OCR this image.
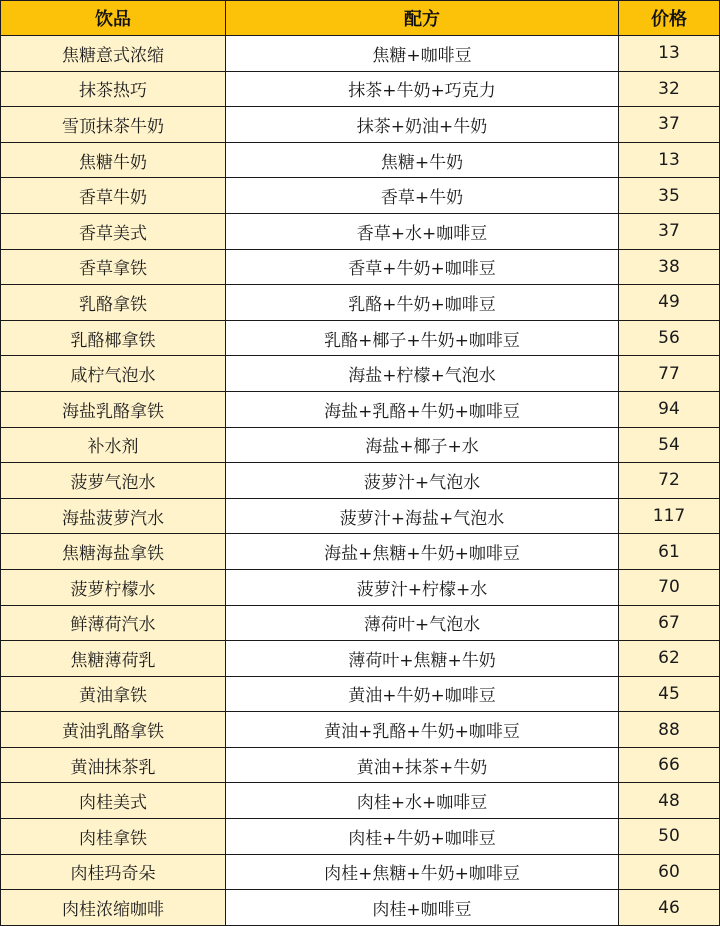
饮品	配方	价格
焦糖意式浓缩	焦糖+咖啡豆	13
抹茶热巧	抹茶+牛奶+巧克力	32
雪顶抹茶牛奶	抹茶+奶油+牛奶	37
焦糖牛奶	焦糖+牛奶	13
香草牛奶	香草+牛奶	35
香草美式	香草+水+咖啡豆	37
香草拿铁	香草+牛奶+咖啡豆	38
乳酪拿铁	乳酪+牛奶+咖啡豆	49
乳酪椰拿铁	乳酪+椰子+牛奶+咖啡豆	56
咸柠气泡水	海盐+柠檬+气泡水	77
海盐乳酪拿铁	海盐+乳酪+牛奶+咖啡豆	94
补水剂	海盐+椰子+水	54
菠萝气泡水	菠萝汁+气泡水	72
海盐菠萝汽水	菠萝汁+海盐+气泡水	117
焦糖海盐拿铁	海盐+焦糖+牛奶+咖啡豆	61
菠萝柠檬水	菠萝汁+柠檬+水	70
鲜薄荷汽水	薄荷叶+气泡水	67
焦糖薄荷乳	薄荷叶+焦糖+牛奶	62
黄油拿铁	黄油+牛奶+咖啡豆	45
黄油乳酪拿铁	黄油+乳酪+牛奶+咖啡豆	88
黄油抹茶乳	黄油+抹茶+牛奶	66
肉桂美式	肉桂+水+咖啡豆	48
肉桂拿铁	肉桂+牛奶+咖啡豆	50
肉桂玛奇朵	肉桂+焦糖+牛奶+咖啡豆	60
肉桂浓缩咖啡	肉桂+咖啡豆	46
